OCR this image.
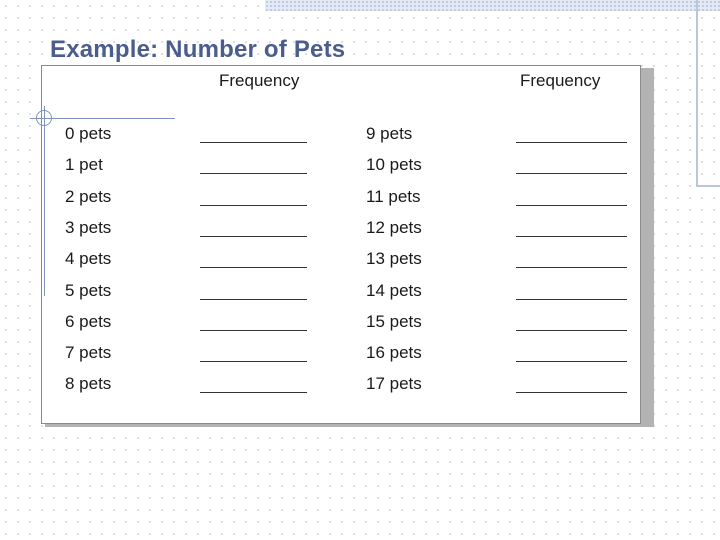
Example: Number of Pets
Frequency	Frequency
0 pets
1 pet
2 pets
3 pets
4 pets
5 pets
6 pets
7 pets
8 pets
9 pets
10 pets
11 pets
12 pets
13 pets
14 pets
15 pets
16 pets
17 pets
